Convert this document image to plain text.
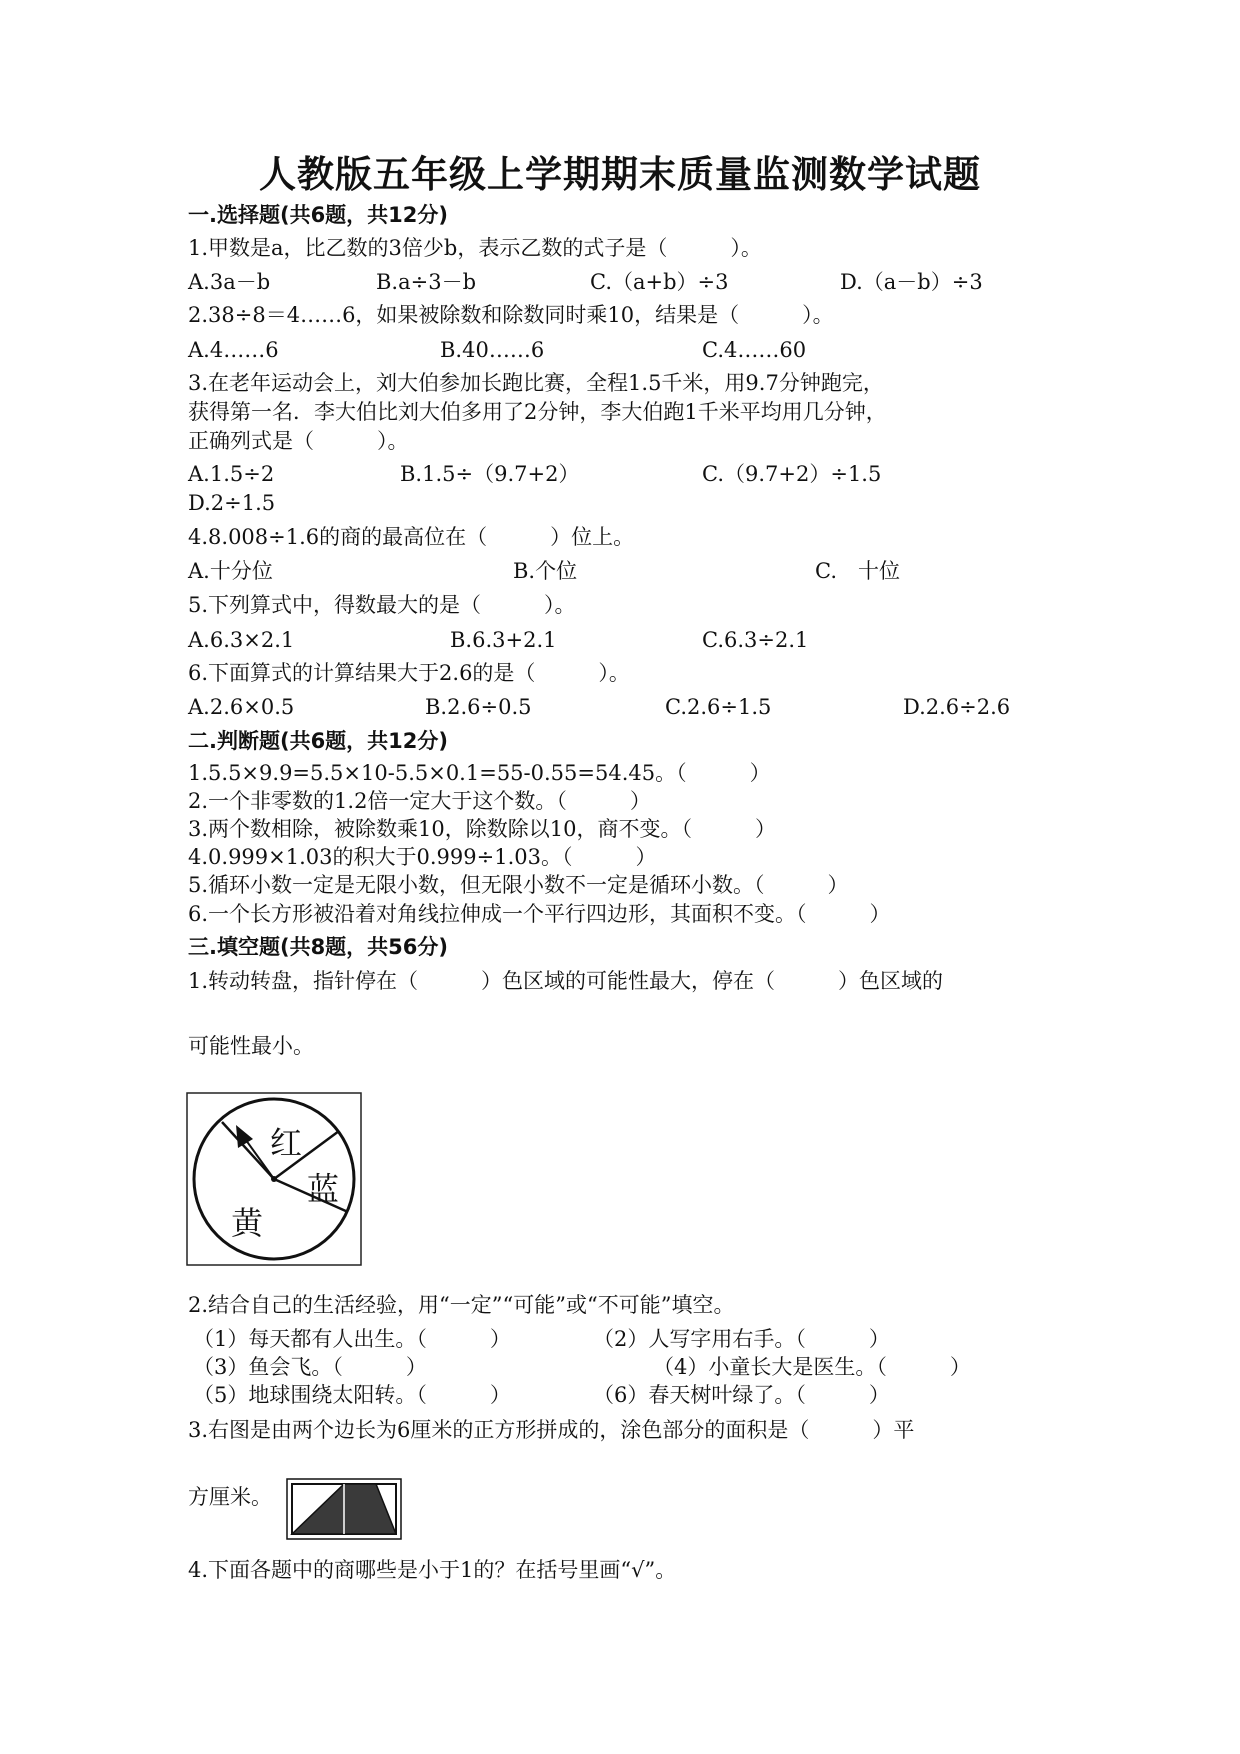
人教版五年级上学期期末质量监测数学试题
一.选择题(共6题，共12分)
1.甲数是a，比乙数的3倍少b，表示乙数的式子是（　　　）。
A.3a－b	B.a÷3－b	C.（a+b）÷3	D.（a－b）÷3
2.38÷8＝4……6，如果被除数和除数同时乘10，结果是（　　　）。
A.4……6	B.40……6	C.4……60
3.在老年运动会上，刘大伯参加长跑比赛，全程1.5千米，用9.7分钟跑完，
获得第一名．李大伯比刘大伯多用了2分钟，李大伯跑1千米平均用几分钟，
正确列式是（　　　）。
A.1.5÷2	B.1.5÷（9.7+2）	C.（9.7+2）÷1.5
D.2÷1.5
4.8.008÷1.6的商的最高位在（　　　）位上。
A.十分位	B.个位	C.　十位
5.下列算式中，得数最大的是（　　　）。
A.6.3×2.1	B.6.3+2.1	C.6.3÷2.1
6.下面算式的计算结果大于2.6的是（　　　）。
A.2.6×0.5	B.2.6÷0.5	C.2.6÷1.5	D.2.6÷2.6
二.判断题(共6题，共12分)
1.5.5×9.9=5.5×10-5.5×0.1=55-0.55=54.45。（　　　）
2.一个非零数的1.2倍一定大于这个数。（　　　）
3.两个数相除，被除数乘10，除数除以10，商不变。（　　　）
4.0.999×1.03的积大于0.999÷1.03。（　　　）
5.循环小数一定是无限小数，但无限小数不一定是循环小数。（　　　）
6.一个长方形被沿着对角线拉伸成一个平行四边形，其面积不变。（　　　）
三.填空题(共8题，共56分)
1.转动转盘，指针停在（　　　）色区域的可能性最大，停在（　　　）色区域的
可能性最小。
红
蓝
黄
2.结合自己的生活经验，用“一定”“可能”或“不可能”填空。
（1）每天都有人出生。（　　　）	（2）人写字用右手。（　　　）
（3）鱼会飞。（　　　）	（4）小童长大是医生。（　　　）
（5）地球围绕太阳转。（　　　）	（6）春天树叶绿了。（　　　）
3.右图是由两个边长为6厘米的正方形拼成的，涂色部分的面积是（　　　）平
方厘米。
4.下面各题中的商哪些是小于1的？在括号里画“√”。
